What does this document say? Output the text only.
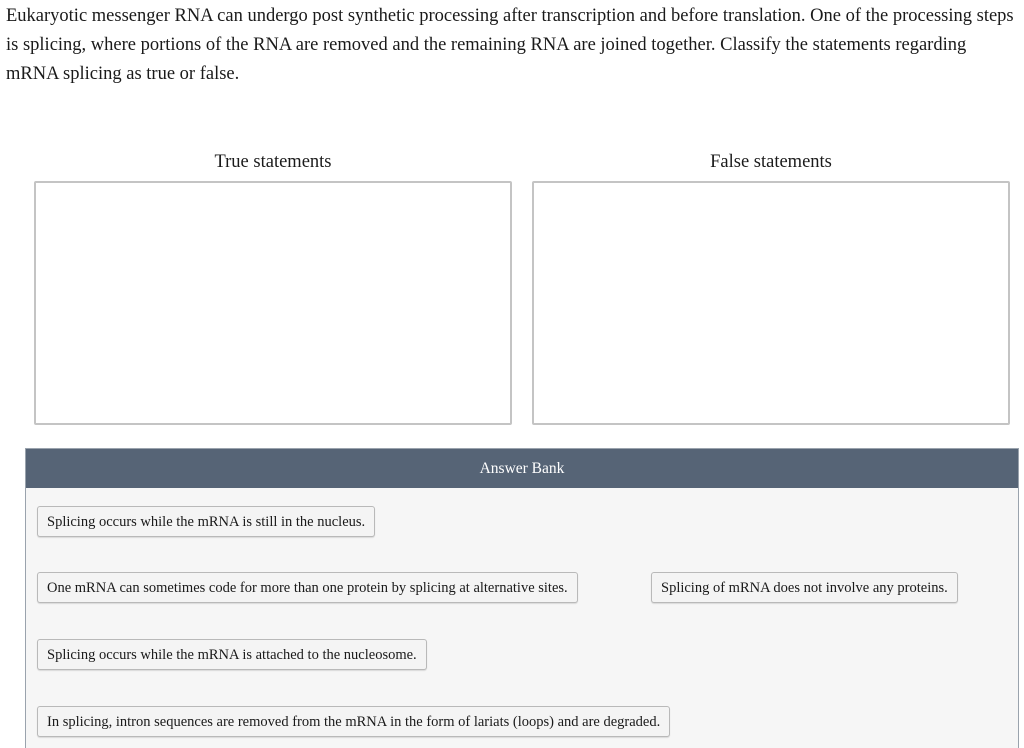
Eukaryotic messenger RNA can undergo post synthetic processing after transcription and before translation. One of the processing steps is splicing, where portions of the RNA are removed and the remaining RNA are joined together. Classify the statements regarding mRNA splicing as true or false.

True statements	False statements
Answer Bank
Splicing occurs while the mRNA is still in the nucleus.
One mRNA can sometimes code for more than one protein by splicing at alternative sites.	Splicing of mRNA does not involve any proteins.
Splicing occurs while the mRNA is attached to the nucleosome.
In splicing, intron sequences are removed from the mRNA in the form of lariats (loops) and are degraded.
